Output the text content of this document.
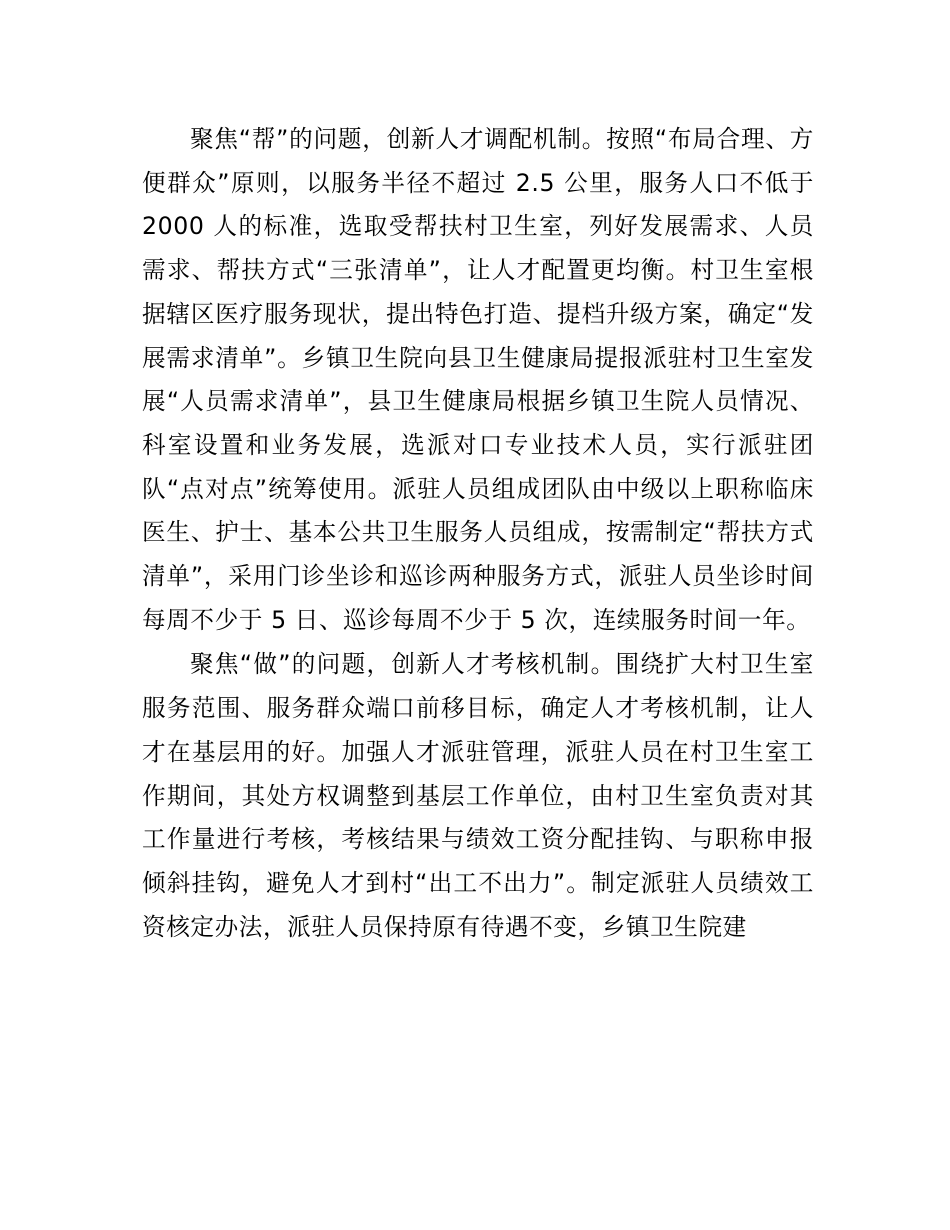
聚焦“帮”的问题，创新人才调配机制。按照“布局合理、方便群众”原则，以服务半径不超过 2.5 公里，服务人口不低于 2000 人的标准，选取受帮扶村卫生室，列好发展需求、人员需求、帮扶方式“三张清单”，让人才配置更均衡。村卫生室根据辖区医疗服务现状，提出特色打造、提档升级方案，确定“发展需求清单”。乡镇卫生院向县卫生健康局提报派驻村卫生室发展“人员需求清单”，县卫生健康局根据乡镇卫生院人员情况、科室设置和业务发展，选派对口专业技术人员，实行派驻团队“点对点”统筹使用。派驻人员组成团队由中级以上职称临床医生、护士、基本公共卫生服务人员组成，按需制定“帮扶方式清单”，采用门诊坐诊和巡诊两种服务方式，派驻人员坐诊时间每周不少于 5 日、巡诊每周不少于 5 次，连续服务时间一年。

聚焦“做”的问题，创新人才考核机制。围绕扩大村卫生室服务范围、服务群众端口前移目标，确定人才考核机制，让人才在基层用的好。加强人才派驻管理，派驻人员在村卫生室工作期间，其处方权调整到基层工作单位，由村卫生室负责对其工作量进行考核，考核结果与绩效工资分配挂钩、与职称申报倾斜挂钩，避免人才到村“出工不出力”。制定派驻人员绩效工资核定办法，派驻人员保持原有待遇不变，乡镇卫生院建
